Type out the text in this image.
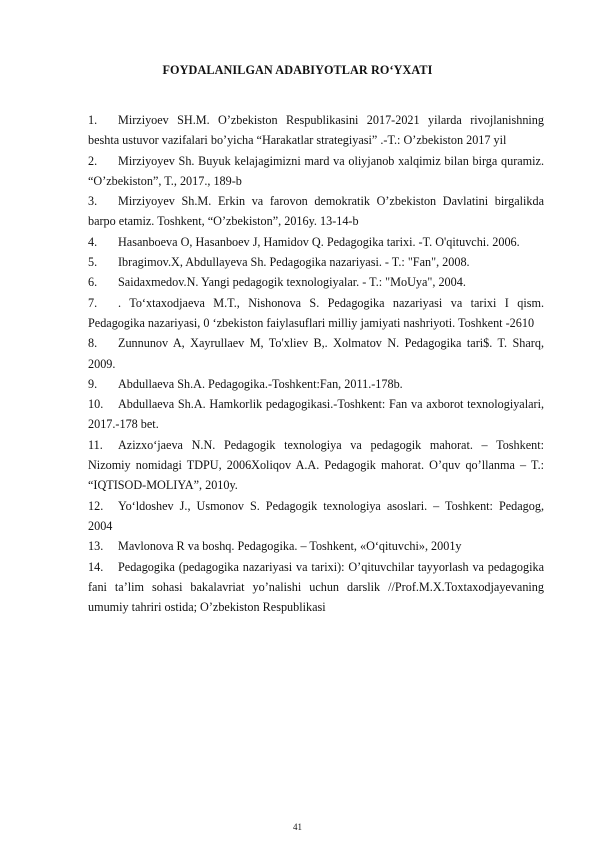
FOYDALANILGAN ADABIYOTLAR RO‘YXATI
1.	Mirziyoev SH.M. O’zbekiston Respublikasini 2017-2021 yilarda rivojlanishning beshta ustuvor vazifalari bo’yicha “Harakatlar strategiyasi” .-T.: O’zbekiston 2017 yil
2.	Mirziyoyev Sh. Buyuk kelajagimizni mard va oliyjanob xalqimiz bilan birga quramiz. “O’zbekiston”, T., 2017., 189-b
3.	Mirziyoyev Sh.M. Erkin va farovon demokratik O’zbekiston Davlatini birgalikda barpo etamiz. Toshkent, “O’zbekiston”, 2016y. 13-14-b
4.	Hasanboeva O, Hasanboev J, Hamidov Q. Pedagogika tarixi. -T. O'qituvchi. 2006.
5.	Ibragimov.X, Abdullayeva Sh. Pedagogika nazariyasi. - T.: "Fan", 2008.
6.	Saidaxmedov.N. Yangi pedagogik texnologiyalar. - T.: "MoUya", 2004.
7.	. To‘xtaxodjaeva M.T., Nishonova S. Pedagogika nazariyasi va tarixi I qism. Pedagogika nazariyasi, 0 ‘zbekiston faiylasuflari milliy jamiyati nashriyoti. Toshkent -2610
8.	Zunnunov A, Xayrullaev M, To'xliev B,. Xolmatov N. Pedagogika tari$. T. Sharq, 2009.
9.	Abdullaeva Sh.A. Pedagogika.-Toshkent:Fan, 2011.-178b.
10.	Abdullaeva Sh.A. Hamkorlik pedagogikasi.-Toshkent: Fan va axborot texnologiyalari, 2017.-178 bet.
11.	Azizxo‘jaeva N.N. Pedagogik texnologiya va pedagogik mahorat. – Toshkent: Nizomiy nomidagi TDPU, 2006Xoliqov A.A. Pedagogik mahorat. O’quv qo’llanma – T.: “IQTISOD-MOLIYA”, 2010y.
12.	Yo‘ldoshev J., Usmonov S. Pedagogik texnologiya asoslari. – Toshkent: Pedagog, 2004
13.	Mavlonova R va boshq. Pedagogika. – Toshkent, «O‘qituvchi», 2001y
14.	Pedagogika (pedagogika nazariyasi va tarixi): O’qituvchilar tayyorlash va pedagogika fani ta’lim sohasi bakalavriat yo’nalishi uchun darslik //Prof.M.X.Toxtaxodjayevaning umumiy tahriri ostida; O’zbekiston Respublikasi
41
